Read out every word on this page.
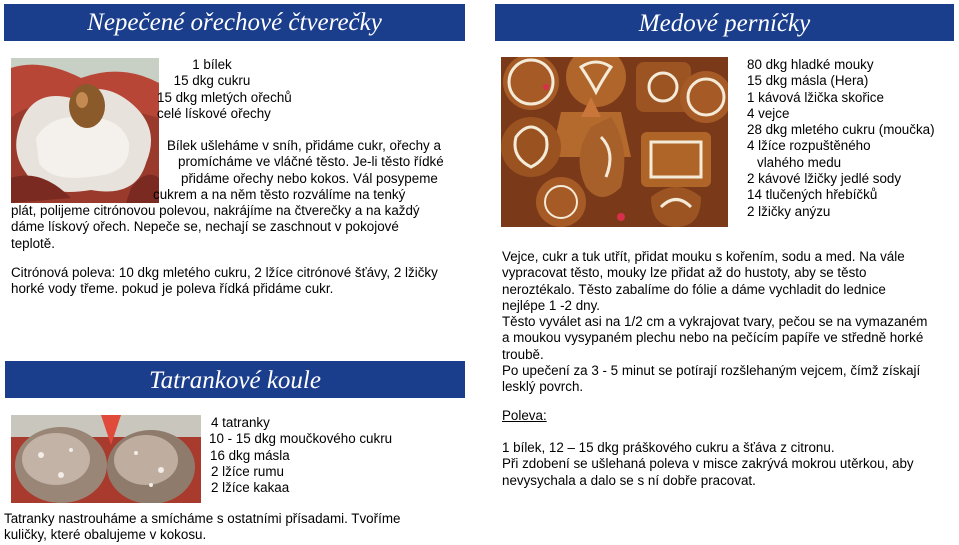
Nepečené ořechové čtverečky
1 bílek
15 dkg cukru
15 dkg mletých ořechů
celé lískové ořechy
Bílek ušleháme v sníh, přidáme cukr, ořechy a
promícháme ve vláčné těsto. Je-li těsto řídké
přidáme ořechy nebo kokos. Vál posypeme
cukrem a na něm těsto rozválíme na tenký
plát, polijeme citrónovou polevou, nakrájíme na čtverečky a na každý
dáme lískový ořech. Nepeče se, nechají se zaschnout v pokojové
teplotě.
Citrónová poleva: 10 dkg mletého cukru, 2 lžíce citrónové šťávy, 2 lžičky
horké vody třeme. pokud je poleva řídká přidáme cukr.
Tatrankové koule
4 tatranky
10 - 15 dkg moučkového cukru
16 dkg másla
2 lžíce rumu
2 lžíce kakaa
Tatranky nastrouháme a smícháme s ostatními přísadami. Tvoříme
kuličky, které obalujeme v kokosu.
Medové perníčky
80 dkg hladké mouky
15 dkg másla (Hera)
1 kávová lžička skořice
4 vejce
28 dkg mletého cukru (moučka)
4 lžíce rozpuštěného
vlahého medu
2 kávové lžičky jedlé sody
14 tlučených hřebíčků
2 lžičky anýzu
Vejce, cukr a tuk utřít, přidat mouku s kořením, sodu a med. Na vále
vypracovat těsto, mouky lze přidat až do hustoty, aby se těsto
neroztékalo. Těsto zabalíme do fólie a dáme vychladit do lednice
nejlépe 1 -2 dny.
Těsto vyválet asi na 1/2 cm a vykrajovat tvary, pečou se na vymazaném
a moukou vysypaném plechu nebo na pečícím papíře ve středně horké
troubě.
Po upečení za 3 - 5 minut se potírají rozšlehaným vejcem, čímž získají
lesklý povrch.
Poleva:
1 bílek, 12 – 15 dkg práškového cukru a šťáva z citronu.
Při zdobení se ušlehaná poleva v misce zakrývá mokrou utěrkou, aby
nevysychala a dalo se s ní dobře pracovat.
